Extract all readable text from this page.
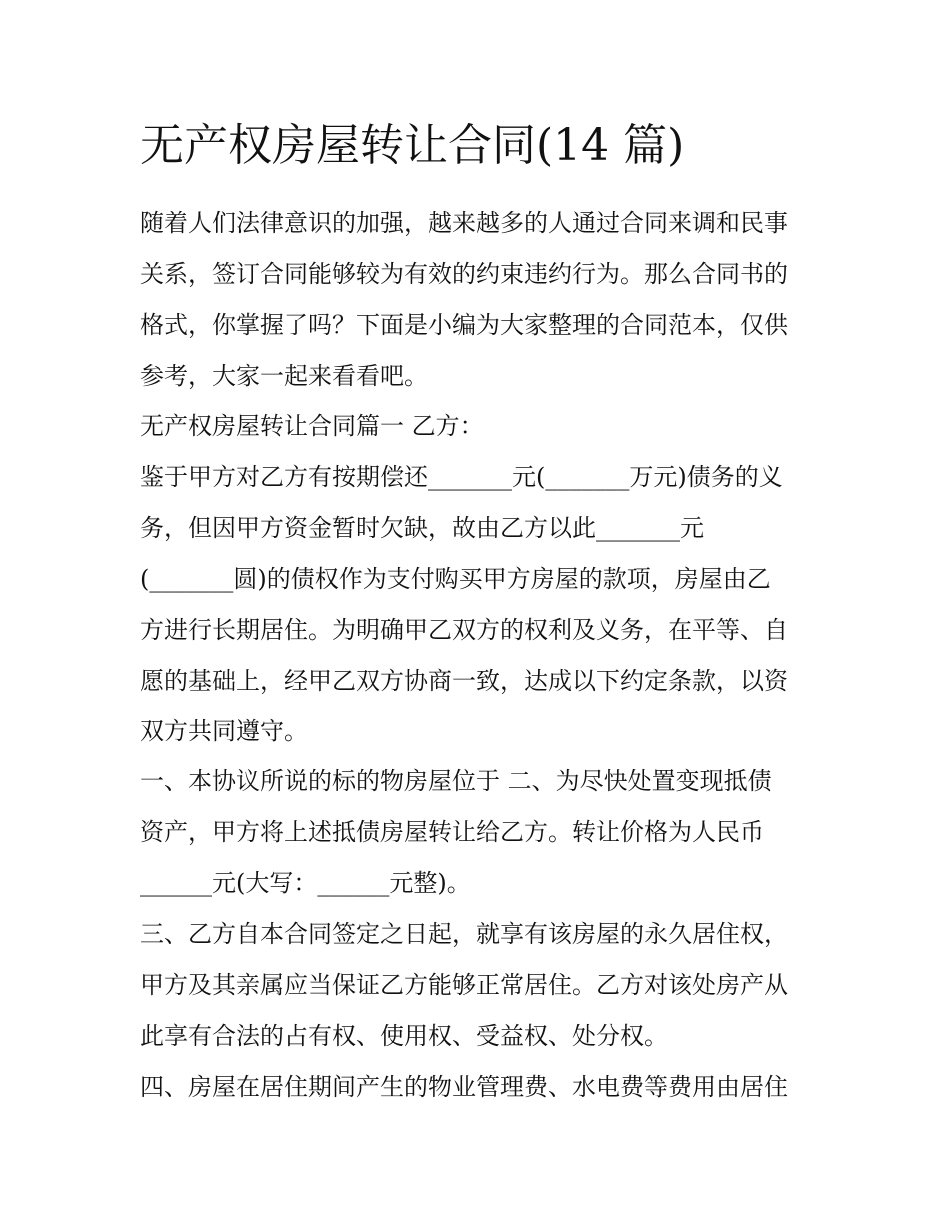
无产权房屋转让合同(14 篇)
随着人们法律意识的加强，越来越多的人通过合同来调和民事
关系，签订合同能够较为有效的约束违约行为。那么合同书的
格式，你掌握了吗？下面是小编为大家整理的合同范本，仅供
参考，大家一起来看看吧。
无产权房屋转让合同篇一 乙方：
鉴于甲方对乙方有按期偿还_______元(_______万元)债务的义
务，但因甲方资金暂时欠缺，故由乙方以此_______元
(_______圆)的债权作为支付购买甲方房屋的款项，房屋由乙
方进行长期居住。为明确甲乙双方的权利及义务，在平等、自
愿的基础上，经甲乙双方协商一致，达成以下约定条款，以资
双方共同遵守。
一、本协议所说的标的物房屋位于 二、为尽快处置变现抵债
资产，甲方将上述抵债房屋转让给乙方。转让价格为人民币
______元(大写：______元整)。
三、乙方自本合同签定之日起，就享有该房屋的永久居住权，
甲方及其亲属应当保证乙方能够正常居住。乙方对该处房产从
此享有合法的占有权、使用权、受益权、处分权。
四、房屋在居住期间产生的物业管理费、水电费等费用由居住
